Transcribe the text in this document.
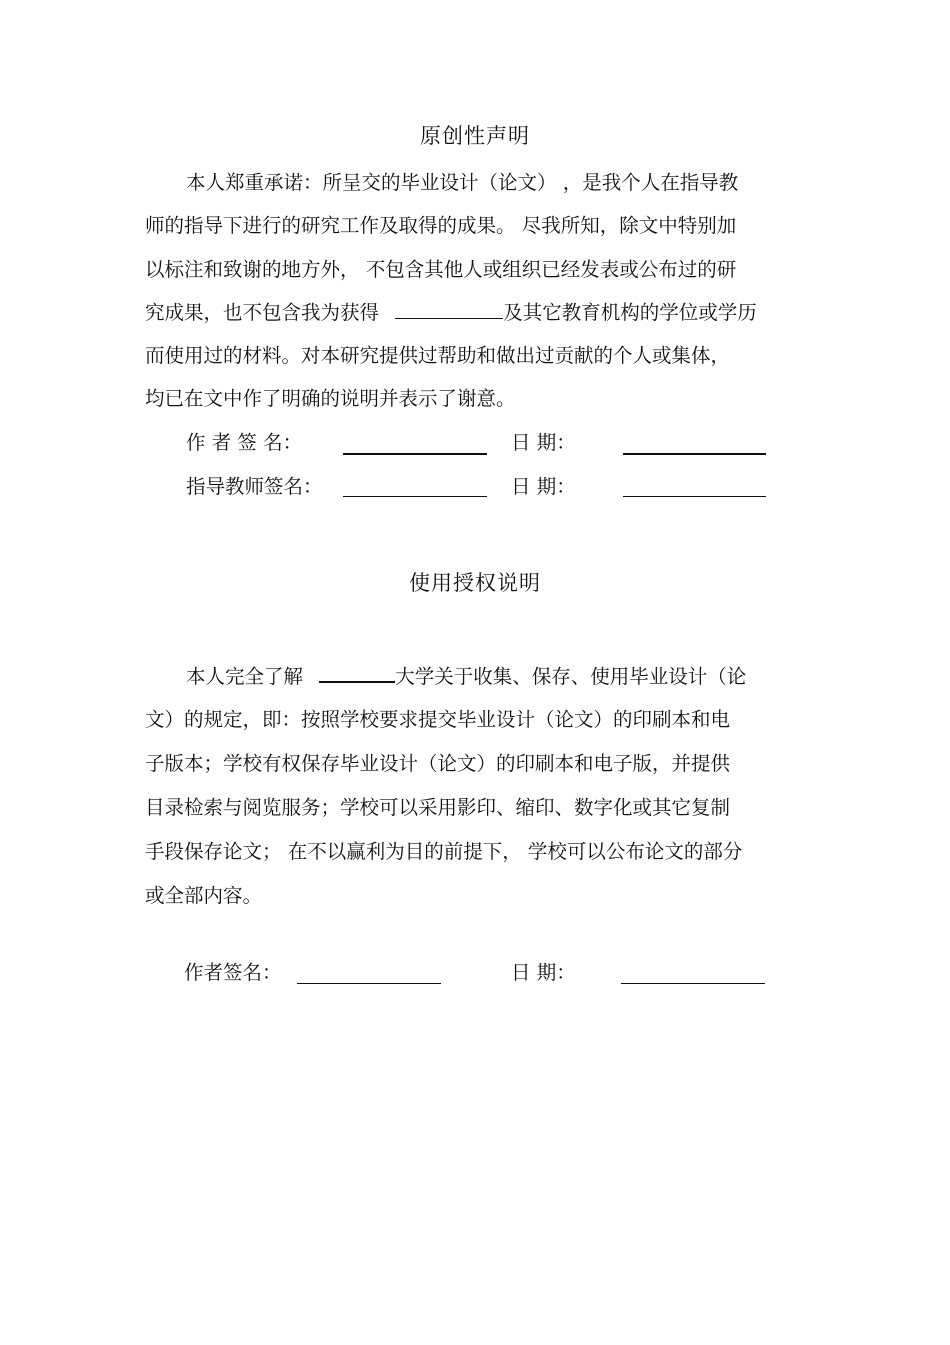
原创性声明
本人郑重承诺：所呈交的毕业设计（论文） ，是我个人在指导教
师的指导下进行的研究工作及取得的成果。 尽我所知，除文中特别加
以标注和致谢的地方外， 不包含其他人或组织已经发表或公布过的研
究成果，也不包含我为获得	及其它教育机构的学位或学历
而使用过的材料。对本研究提供过帮助和做出过贡献的个人或集体，
均已在文中作了明确的说明并表示了谢意。
作 者 签 名：	日 期：
指导教师签名：	日 期：
使用授权说明
本人完全了解	大学关于收集、保存、使用毕业设计（论
文）的规定，即：按照学校要求提交毕业设计（论文）的印刷本和电
子版本；学校有权保存毕业设计（论文）的印刷本和电子版，并提供
目录检索与阅览服务；学校可以采用影印、缩印、数字化或其它复制
手段保存论文； 在不以赢利为目的前提下， 学校可以公布论文的部分
或全部内容。
作者签名：	日 期：
